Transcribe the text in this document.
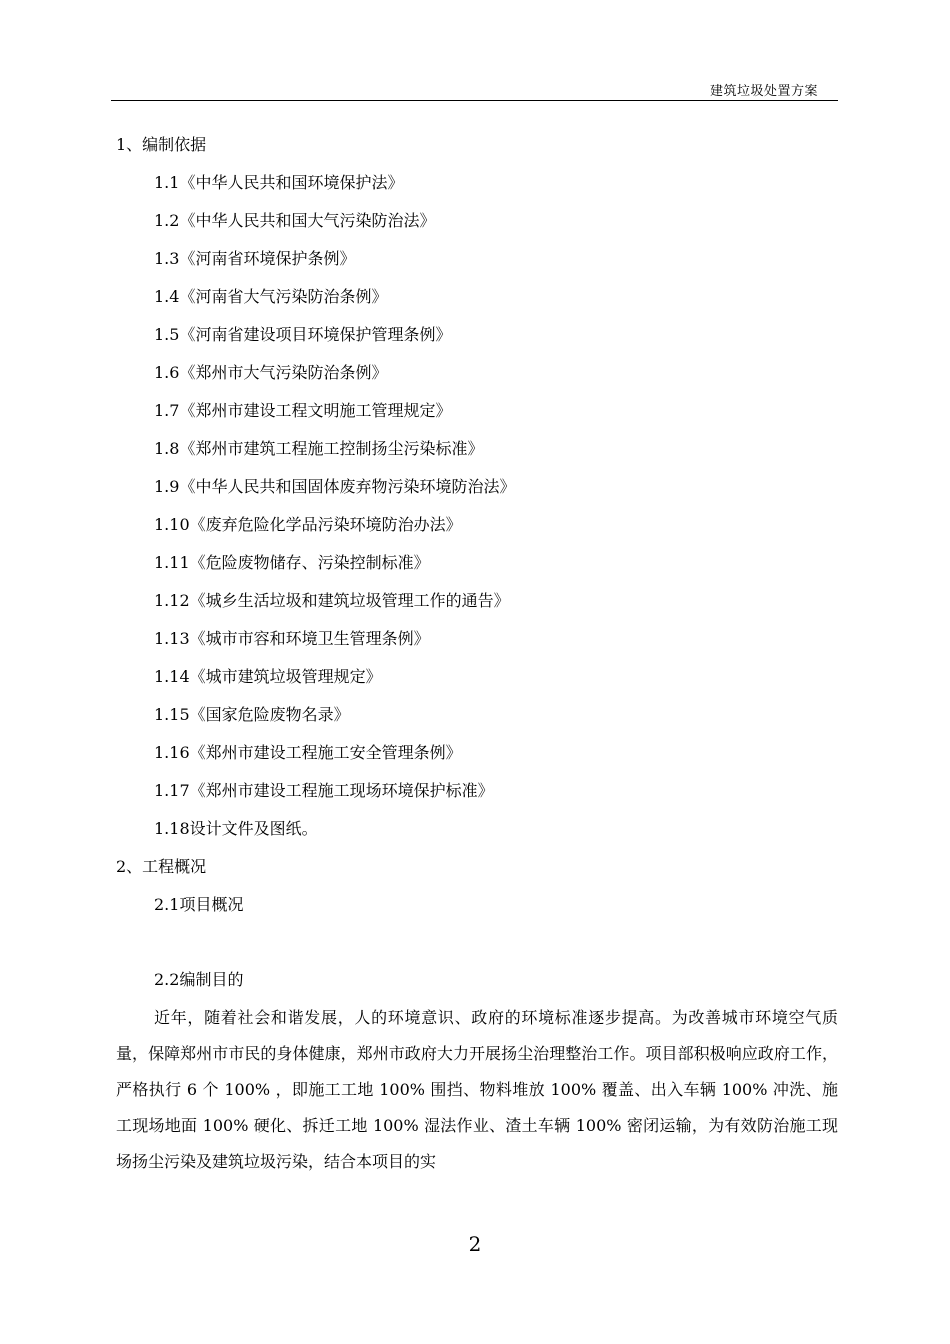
建筑垃圾处置方案
1、编制依据
1.1《中华人民共和国环境保护法》
1.2《中华人民共和国大气污染防治法》
1.3《河南省环境保护条例》
1.4《河南省大气污染防治条例》
1.5《河南省建设项目环境保护管理条例》
1.6《郑州市大气污染防治条例》
1.7《郑州市建设工程文明施工管理规定》
1.8《郑州市建筑工程施工控制扬尘污染标准》
1.9《中华人民共和国固体废弃物污染环境防治法》
1.10《废弃危险化学品污染环境防治办法》
1.11《危险废物储存、污染控制标准》
1.12《城乡生活垃圾和建筑垃圾管理工作的通告》
1.13《城市市容和环境卫生管理条例》
1.14《城市建筑垃圾管理规定》
1.15《国家危险废物名录》
1.16《郑州市建设工程施工安全管理条例》
1.17《郑州市建设工程施工现场环境保护标准》
1.18设计文件及图纸。
2、工程概况
2.1项目概况
2.2编制目的
近年，随着社会和谐发展，人的环境意识、政府的环境标准逐步提高。为改善城市环境空气质量，保障郑州市市民的身体健康，郑州市政府大力开展扬尘治理整治工作。项目部积极响应政府工作，严格执行 6 个 100% ，即施工工地 100% 围挡、物料堆放 100% 覆盖、出入车辆 100% 冲洗、施工现场地面 100% 硬化、拆迁工地 100% 湿法作业、渣土车辆 100% 密闭运输，为有效防治施工现场扬尘污染及建筑垃圾污染，结合本项目的实
2
